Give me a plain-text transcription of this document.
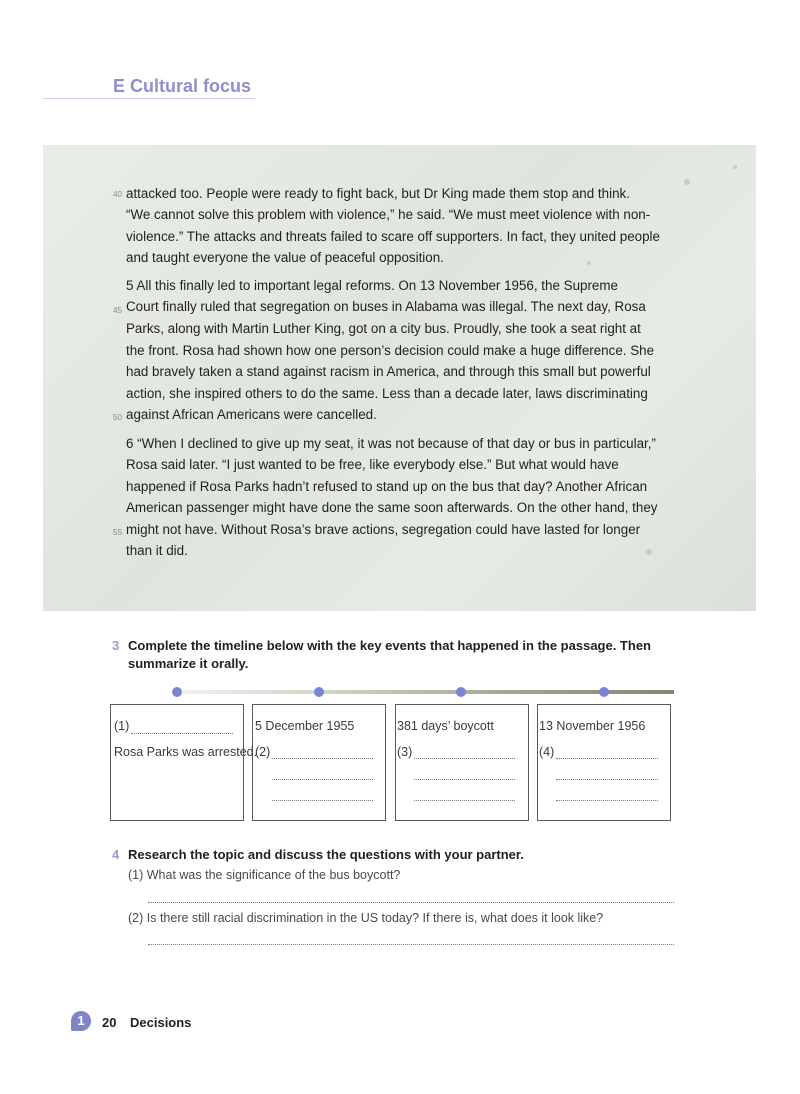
E Cultural focus
40
45
50
55
attacked too. People were ready to fight back, but Dr King made them stop and think.
“We cannot solve this problem with violence,” he said. “We must meet violence with non-
violence.” The attacks and threats failed to scare off supporters. In fact, they united people
and taught everyone the value of peaceful opposition.
5 All this finally led to important legal reforms. On 13 November 1956, the Supreme
Court finally ruled that segregation on buses in Alabama was illegal. The next day, Rosa
Parks, along with Martin Luther King, got on a city bus. Proudly, she took a seat right at
the front. Rosa had shown how one person’s decision could make a huge difference. She
had bravely taken a stand against racism in America, and through this small but powerful
action, she inspired others to do the same. Less than a decade later, laws discriminating
against African Americans were cancelled.
6 “When I declined to give up my seat, it was not because of that day or bus in particular,”
Rosa said later. “I just wanted to be free, like everybody else.” But what would have
happened if Rosa Parks hadn’t refused to stand up on the bus that day? Another African
American passenger might have done the same soon afterwards. On the other hand, they
might not have. Without Rosa’s brave actions, segregation could have lasted for longer
than it did.
3 Complete the timeline below with the key events that happened in the passage. Then
summarize it orally.
(1)
Rosa Parks was arrested.
5 December 1955
(2)
381 days’ boycott
(3)
13 November 1956
(4)
4 Research the topic and discuss the questions with your partner.
(1) What was the significance of the bus boycott?
(2) Is there still racial discrimination in the US today? If there is, what does it look like?
1	20 Decisions
